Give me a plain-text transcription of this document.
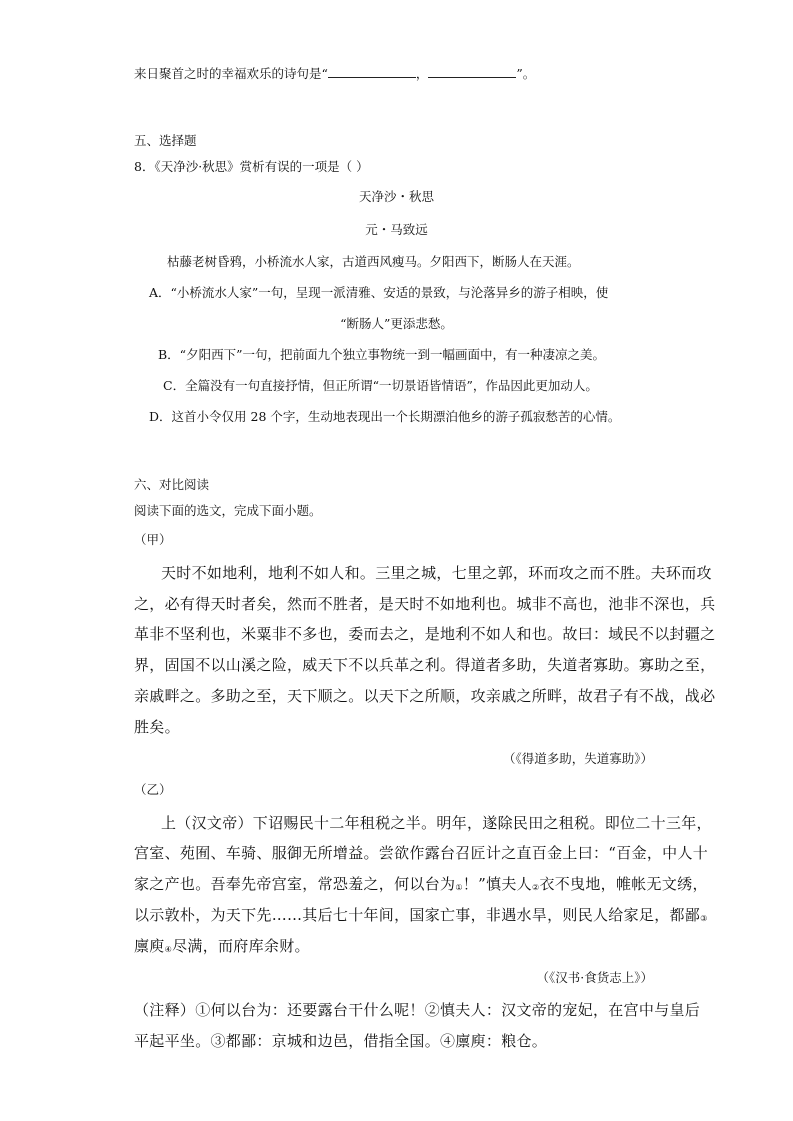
来日聚首之时的幸福欢乐的诗句是“	，	”。
五、选择题
8．《天净沙·秋思》赏析有误的一项是（ ）
天净沙・秋思
元・马致远
枯藤老树昏鸦，小桥流水人家，古道西风瘦马。夕阳西下，断肠人在天涯。
A．“小桥流水人家”一句，呈现一派清雅、安适的景致，与沦落异乡的游子相映，使
“断肠人”更添悲愁。
B．“夕阳西下”一句，把前面九个独立事物统一到一幅画面中，有一种凄凉之美。
C．全篇没有一句直接抒情，但正所谓“一切景语皆情语”，作品因此更加动人。
D．这首小令仅用 28 个字，生动地表现出一个长期漂泊他乡的游子孤寂愁苦的心情。
六、对比阅读
阅读下面的选文，完成下面小题。
（甲）
天时不如地利，地利不如人和。三里之城，七里之郭，环而攻之而不胜。夫环而攻
之，必有得天时者矣，然而不胜者，是天时不如地利也。城非不高也，池非不深也，兵
革非不坚利也，米粟非不多也，委而去之，是地利不如人和也。故曰：域民不以封疆之
界，固国不以山溪之险，威天下不以兵革之利。得道者多助，失道者寡助。寡助之至，
亲戚畔之。多助之至，天下顺之。以天下之所顺，攻亲戚之所畔，故君子有不战，战必
胜矣。
（《得道多助，失道寡助》）
（乙）
上（汉文帝）下诏赐民十二年租税之半。明年，遂除民田之租税。即位二十三年，
宫室、苑囿、车骑、服御无所增益。尝欲作露台召匠计之直百金上曰：“百金，中人十
家之产也。吾奉先帝宫室，常恐羞之，何以台为①！”慎夫人②衣不曳地，帷帐无文绣，
以示敦朴，为天下先……其后七十年间，国家亡事，非遇水旱，则民人给家足，都鄙③
廪庾④尽满，而府库余财。
（《汉书·食货志上》）
（注释）①何以台为：还要露台干什么呢！②慎夫人：汉文帝的宠妃，在宫中与皇后
平起平坐。③都鄙：京城和边邑，借指全国。④廪庾：粮仓。
